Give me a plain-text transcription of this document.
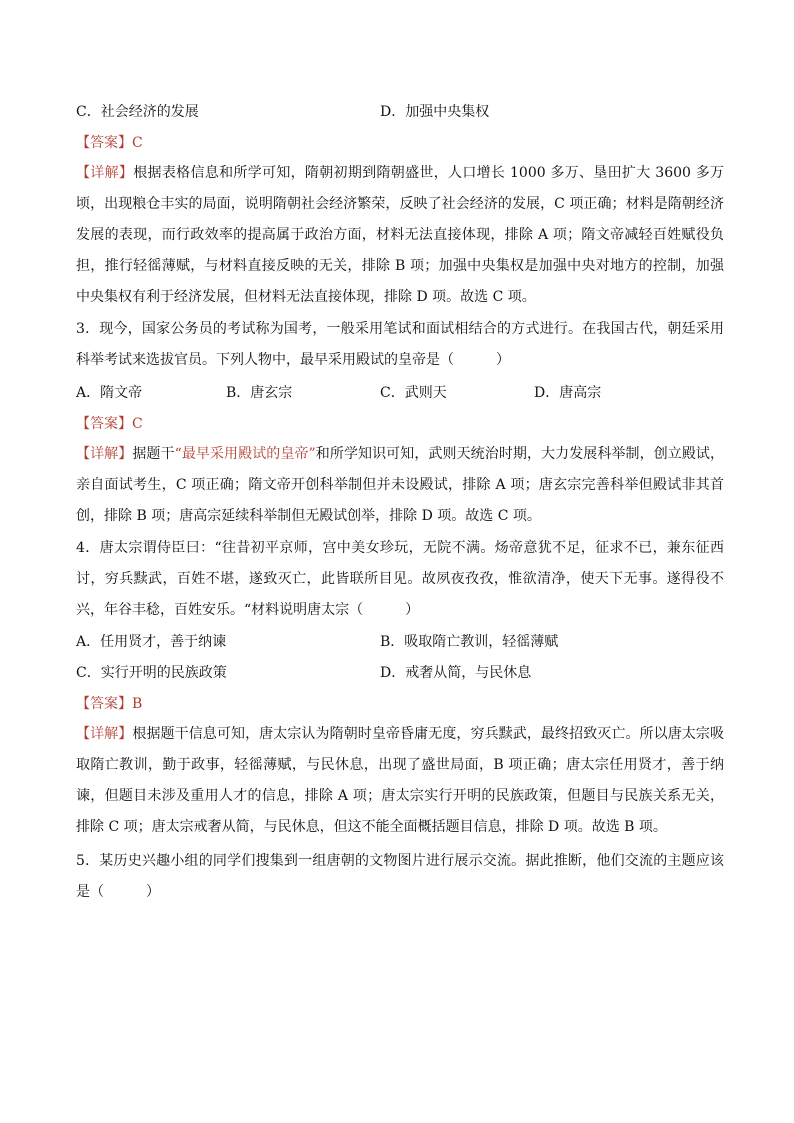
C．社会经济的发展	D．加强中央集权
【答案】C
【详解】根据表格信息和所学可知，隋朝初期到隋朝盛世，人口增长 1000 多万、垦田扩大 3600 多万顷，出现粮仓丰实的局面，说明隋朝社会经济繁荣，反映了社会经济的发展，C 项正确；材料是隋朝经济发展的表现，而行政效率的提高属于政治方面，材料无法直接体现，排除 A 项；隋文帝减轻百姓赋役负担，推行轻徭薄赋，与材料直接反映的无关，排除 B 项；加强中央集权是加强中央对地方的控制，加强中央集权有利于经济发展，但材料无法直接体现，排除 D 项。故选 C 项。
3．现今，国家公务员的考试称为国考，一般采用笔试和面试相结合的方式进行。在我国古代，朝廷采用科举考试来选拔官员。下列人物中，最早采用殿试的皇帝是（　　　）
A．隋文帝	B．唐玄宗	C．武则天	D．唐高宗
【答案】C
【详解】据题干“最早采用殿试的皇帝”和所学知识可知，武则天统治时期，大力发展科举制，创立殿试，亲自面试考生，C 项正确；隋文帝开创科举制但并未设殿试，排除 A 项；唐玄宗完善科举但殿试非其首创，排除 B 项；唐高宗延续科举制但无殿试创举，排除 D 项。故选 C 项。
4．唐太宗谓侍臣曰：“往昔初平京师，宫中美女珍玩，无院不满。炀帝意犹不足，征求不已，兼东征西讨，穷兵黩武，百姓不堪，遂致灭亡，此皆联所目见。故夙夜孜孜，惟欲清净，使天下无事。遂得役不兴，年谷丰稔，百姓安乐。“材料说明唐太宗（　　　）
A．任用贤才，善于纳谏	B．吸取隋亡教训，轻徭薄赋
C．实行开明的民族政策	D．戒奢从简，与民休息
【答案】B
【详解】根据题干信息可知，唐太宗认为隋朝时皇帝昏庸无度，穷兵黩武，最终招致灭亡。所以唐太宗吸取隋亡教训，勤于政事，轻徭薄赋，与民休息，出现了盛世局面，B 项正确；唐太宗任用贤才，善于纳谏，但题目未涉及重用人才的信息，排除 A 项；唐太宗实行开明的民族政策，但题目与民族关系无关，排除 C 项；唐太宗戒奢从简，与民休息，但这不能全面概括题目信息，排除 D 项。故选 B 项。
5．某历史兴趣小组的同学们搜集到一组唐朝的文物图片进行展示交流。据此推断，他们交流的主题应该是（　　　）
